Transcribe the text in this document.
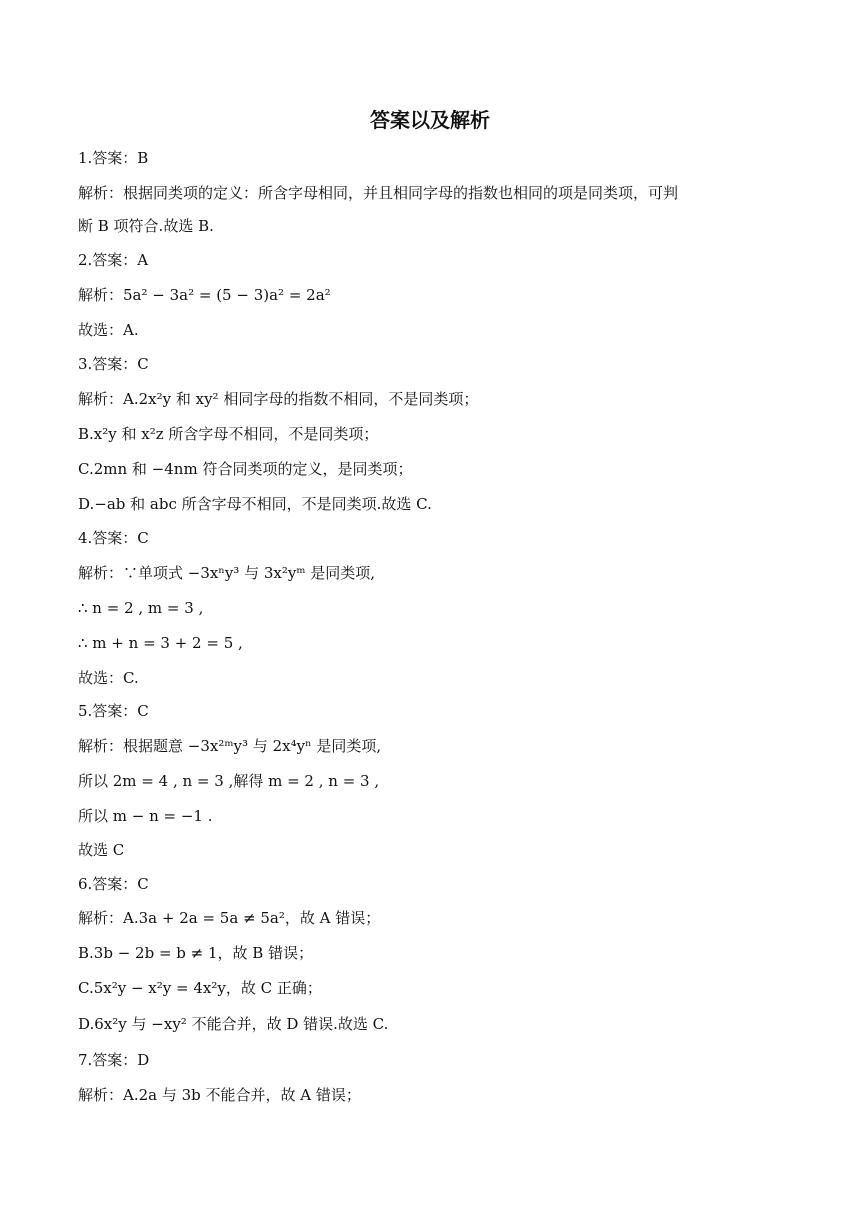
答案以及解析
1.答案：B
解析：根据同类项的定义：所含字母相同，并且相同字母的指数也相同的项是同类项，可判
断 B 项符合.故选 B.
2.答案：A
解析：5a² − 3a² = (5 − 3)a² = 2a²
故选：A.
3.答案：C
解析：A.2x²y 和 xy² 相同字母的指数不相同，不是同类项；
B.x²y 和 x²z 所含字母不相同，不是同类项；
C.2mn 和 −4nm 符合同类项的定义，是同类项；
D.−ab 和 abc 所含字母不相同，不是同类项.故选 C.
4.答案：C
解析：∵单项式 −3xⁿy³ 与 3x²yᵐ 是同类项,
∴ n = 2 , m = 3 ,
∴ m + n = 3 + 2 = 5 ,
故选：C.
5.答案：C
解析：根据题意 −3x²ᵐy³ 与 2x⁴yⁿ 是同类项,
所以 2m = 4 , n = 3 ,解得 m = 2 , n = 3 ,
所以 m − n = −1 .
故选 C
6.答案：C
解析：A.3a + 2a = 5a ≠ 5a²，故 A 错误；
B.3b − 2b = b ≠ 1，故 B 错误；
C.5x²y − x²y = 4x²y，故 C 正确；
D.6x²y 与 −xy² 不能合并，故 D 错误.故选 C.
7.答案：D
解析：A.2a 与 3b 不能合并，故 A 错误；
